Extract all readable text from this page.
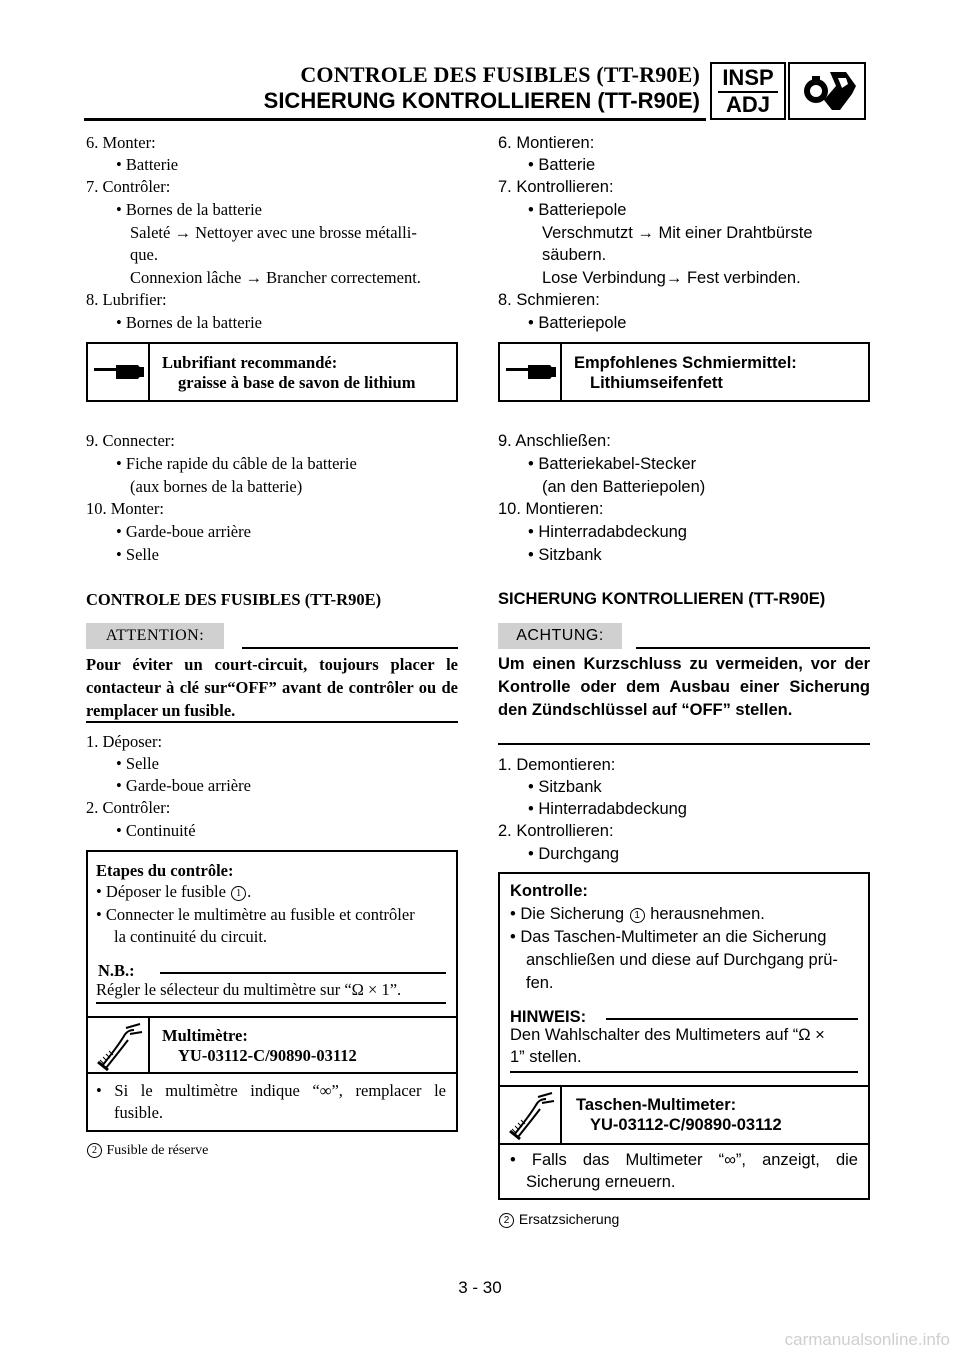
CONTROLE DES FUSIBLES (TT-R90E)
SICHERUNG KONTROLLIEREN (TT-R90E)
INSP
ADJ
6. Monter:
• Batterie
7. Contrôler:
• Bornes de la batterie
Saleté → Nettoyer avec une brosse métalli-
que.
Connexion lâche → Brancher correctement.
8. Lubrifier:
• Bornes de la batterie
Lubrifiant recommandé:
graisse à base de savon de lithium
9. Connecter:
• Fiche rapide du câble de la batterie
(aux bornes de la batterie)
10. Monter:
• Garde-boue arrière
• Selle
CONTROLE DES FUSIBLES (TT-R90E)
ATTENTION:
Pour éviter un court-circuit, toujours placer le contacteur à clé sur“OFF” avant de contrôler ou de remplacer un fusible.
1. Déposer:
• Selle
• Garde-boue arrière
2. Contrôler:
• Continuité
Etapes du contrôle:
• Déposer le fusible 1 .
• Connecter le multimètre au fusible et contrôler
la continuité du circuit.
N.B.:
Régler le sélecteur du multimètre sur “Ω × 1”.
Multimètre:
YU-03112-C/90890-03112
• Si le multimètre indique “∞”, remplacer le
fusible.
2 Fusible de réserve
6. Montieren:
• Batterie
7. Kontrollieren:
• Batteriepole
Verschmutzt → Mit einer Drahtbürste
säubern.
Lose Verbindung→ Fest verbinden.
8. Schmieren:
• Batteriepole
Empfohlenes Schmiermittel:
Lithiumseifenfett
9. Anschließen:
• Batteriekabel-Stecker
(an den Batteriepolen)
10. Montieren:
• Hinterradabdeckung
• Sitzbank
SICHERUNG KONTROLLIEREN (TT-R90E)
ACHTUNG:
Um einen Kurzschluss zu vermeiden, vor der Kontrolle oder dem Ausbau einer Sicherung den Zündschlüssel auf “OFF” stellen.
1. Demontieren:
• Sitzbank
• Hinterradabdeckung
2. Kontrollieren:
• Durchgang
Kontrolle:
• Die Sicherung 1 herausnehmen.
• Das Taschen-Multimeter an die Sicherung
anschließen und diese auf Durchgang prü-
fen.
HINWEIS:
Den Wahlschalter des Multimeters auf “Ω ×
1” stellen.
Taschen-Multimeter:
YU-03112-C/90890-03112
• Falls das Multimeter “∞”, anzeigt, die
Sicherung erneuern.
2 Ersatzsicherung
3 - 30
carmanualsonline.info
